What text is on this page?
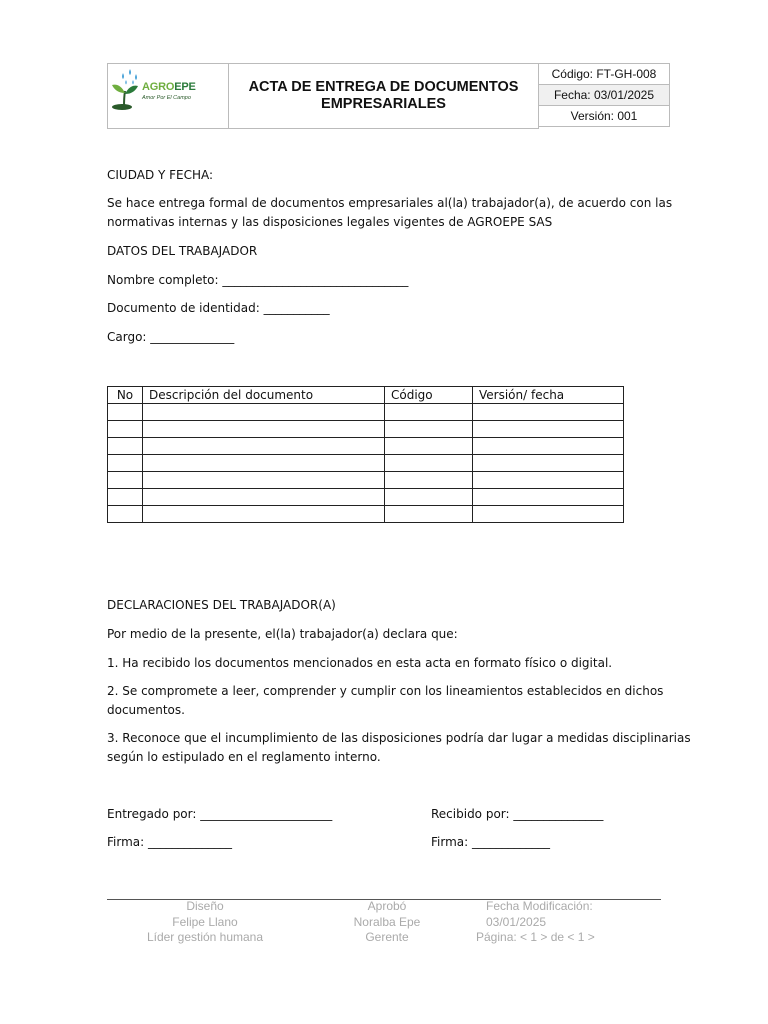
AGROEPE
Amor Por El Campo
ACTA DE ENTREGA DE DOCUMENTOS
EMPRESARIALES
Código: FT-GH-008
Fecha: 03/01/2025
Versión: 001
CIUDAD Y FECHA:
Se hace entrega formal de documentos empresariales al(la) trabajador(a), de acuerdo con las
normativas internas y las disposiciones legales vigentes de AGROEPE SAS
DATOS DEL TRABAJADOR
Nombre completo: _______________________________
Documento de identidad: ___________
Cargo: ______________
No	Descripción del documento	Código	Versión/ fecha

DECLARACIONES DEL TRABAJADOR(A)
Por medio de la presente, el(la) trabajador(a) declara que:
1. Ha recibido los documentos mencionados en esta acta en formato físico o digital.
2. Se compromete a leer, comprender y cumplir con los lineamientos establecidos en dichos
documentos.
3. Reconoce que el incumplimiento de las disposiciones podría dar lugar a medidas disciplinarias
según lo estipulado en el reglamento interno.
Entregado por: ______________________	Recibido por: _______________
Firma: ______________	Firma: _____________
Diseño
Felipe Llano
Líder gestión humana
Aprobó
Noralba Epe
Gerente
Fecha Modificación: 03/01/2025
Página: < 1 > de < 1 >
